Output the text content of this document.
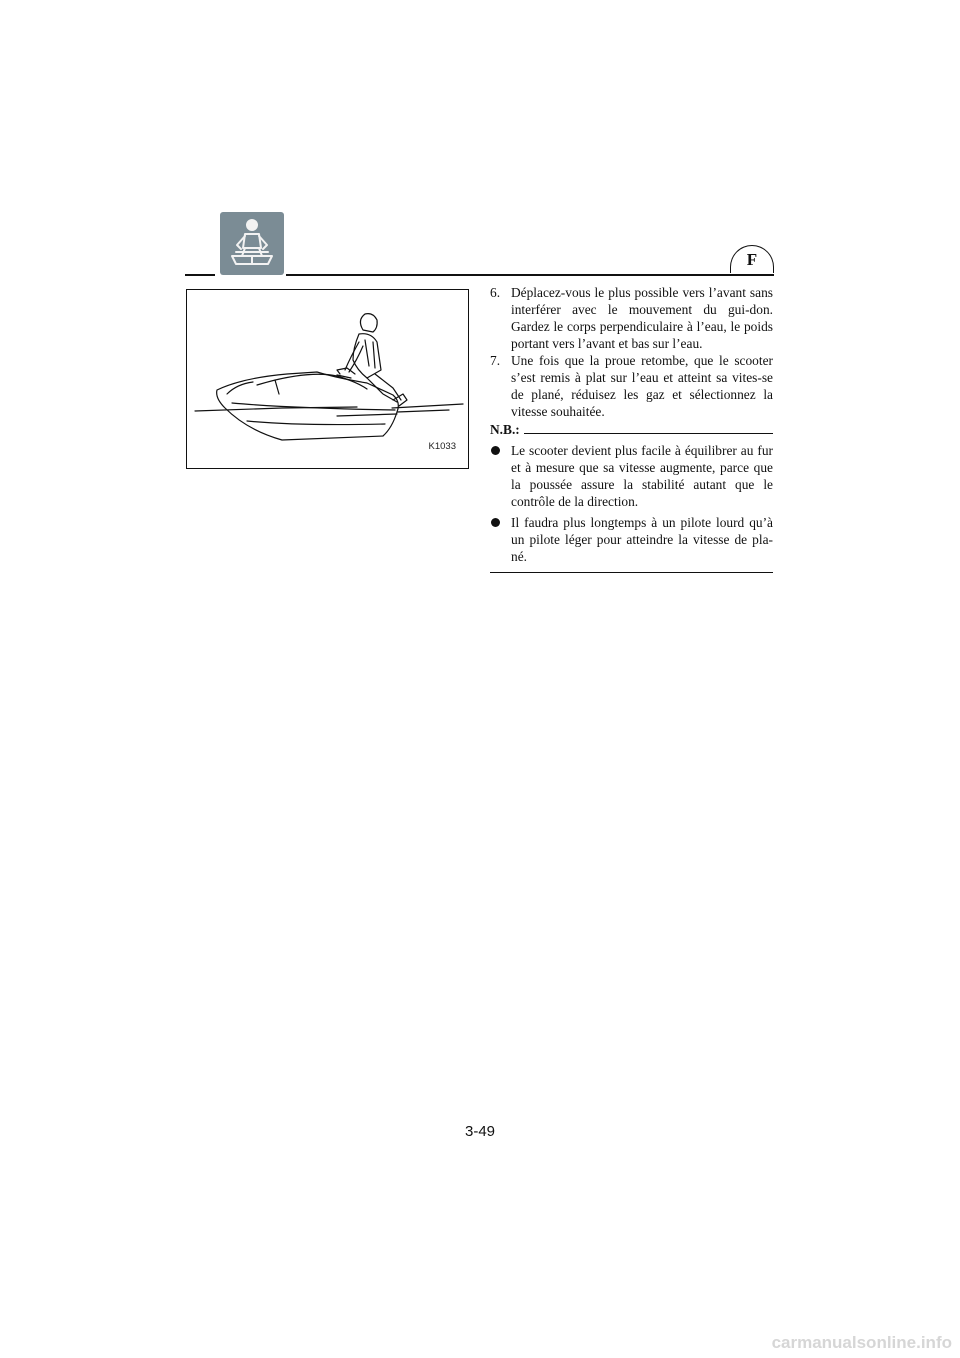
F
K1033
6. Déplacez-vous le plus possible vers l’avant sans interférer avec le mouvement du gui-don. Gardez le corps perpendiculaire à l’eau, le poids portant vers l’avant et bas sur l’eau.
7. Une fois que la proue retombe, que le scooter s’est remis à plat sur l’eau et atteint sa vites-se de plané, réduisez les gaz et sélectionnez la vitesse souhaitée.
N.B.:
Le scooter devient plus facile à équilibrer au fur et à mesure que sa vitesse augmente, parce que la poussée assure la stabilité autant que le contrôle de la direction.
Il faudra plus longtemps à un pilote lourd qu’à un pilote léger pour atteindre la vitesse de pla-né.
3-49
carmanualsonline.info
